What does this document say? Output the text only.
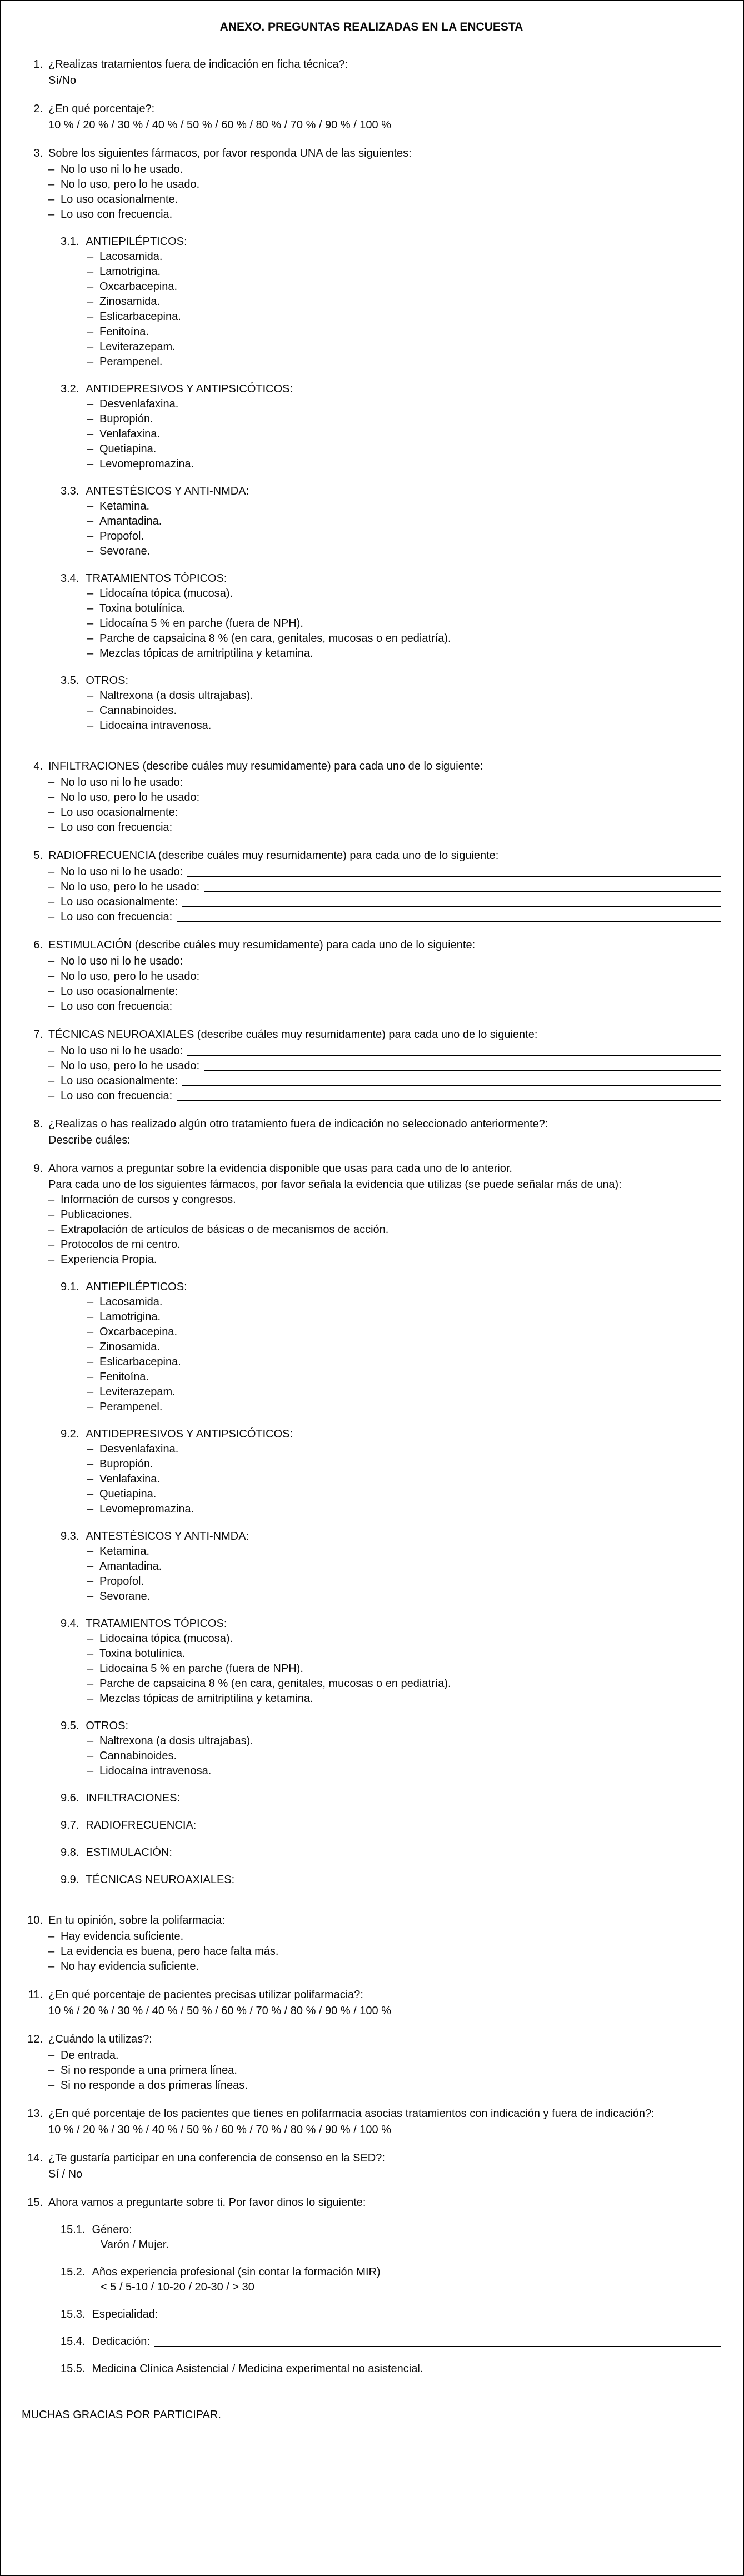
ANEXO. PREGUNTAS REALIZADAS EN LA ENCUESTA
1. ¿Realizas tratamientos fuera de indicación en ficha técnica?:
Sí/No
2. ¿En qué porcentaje?:
10 % / 20 % / 30 % / 40 % / 50 % / 60 % / 80 % / 70 % / 90 % / 100 %
3. Sobre los siguientes fármacos, por favor responda UNA de las siguientes:
– No lo uso ni lo he usado.
– No lo uso, pero lo he usado.
– Lo uso ocasionalmente.
– Lo uso con frecuencia.
3.1. ANTIEPILÉPTICOS:
– Lacosamida.
– Lamotrigina.
– Oxcarbacepina.
– Zinosamida.
– Eslicarbacepina.
– Fenitoína.
– Leviterazepam.
– Perampenel.
3.2. ANTIDEPRESIVOS Y ANTIPSICÓTICOS:
– Desvenlafaxina.
– Bupropión.
– Venlafaxina.
– Quetiapina.
– Levomepromazina.
3.3. ANTESTÉSICOS Y ANTI-NMDA:
– Ketamina.
– Amantadina.
– Propofol.
– Sevorane.
3.4. TRATAMIENTOS TÓPICOS:
– Lidocaína tópica (mucosa).
– Toxina botulínica.
– Lidocaína 5 % en parche (fuera de NPH).
– Parche de capsaicina 8 % (en cara, genitales, mucosas o en pediatría).
– Mezclas tópicas de amitriptilina y ketamina.
3.5. OTROS:
– Naltrexona (a dosis ultrajabas).
– Cannabinoides.
– Lidocaína intravenosa.
4. INFILTRACIONES (describe cuáles muy resumidamente) para cada uno de lo siguiente:
– No lo uso ni lo he usado:
– No lo uso, pero lo he usado:
– Lo uso ocasionalmente:
– Lo uso con frecuencia:
5. RADIOFRECUENCIA (describe cuáles muy resumidamente) para cada uno de lo siguiente:
– No lo uso ni lo he usado:
– No lo uso, pero lo he usado:
– Lo uso ocasionalmente:
– Lo uso con frecuencia:
6. ESTIMULACIÓN (describe cuáles muy resumidamente) para cada uno de lo siguiente:
– No lo uso ni lo he usado:
– No lo uso, pero lo he usado:
– Lo uso ocasionalmente:
– Lo uso con frecuencia:
7. TÉCNICAS NEUROAXIALES (describe cuáles muy resumidamente) para cada uno de lo siguiente:
– No lo uso ni lo he usado:
– No lo uso, pero lo he usado:
– Lo uso ocasionalmente:
– Lo uso con frecuencia:
8. ¿Realizas o has realizado algún otro tratamiento fuera de indicación no seleccionado anteriormente?:
Describe cuáles:
9. Ahora vamos a preguntar sobre la evidencia disponible que usas para cada uno de lo anterior.
Para cada uno de los siguientes fármacos, por favor señala la evidencia que utilizas (se puede señalar más de una):
– Información de cursos y congresos.
– Publicaciones.
– Extrapolación de artículos de básicas o de mecanismos de acción.
– Protocolos de mi centro.
– Experiencia Propia.
9.1. ANTIEPILÉPTICOS:
– Lacosamida.
– Lamotrigina.
– Oxcarbacepina.
– Zinosamida.
– Eslicarbacepina.
– Fenitoína.
– Leviterazepam.
– Perampenel.
9.2. ANTIDEPRESIVOS Y ANTIPSICÓTICOS:
– Desvenlafaxina.
– Bupropión.
– Venlafaxina.
– Quetiapina.
– Levomepromazina.
9.3. ANTESTÉSICOS Y ANTI-NMDA:
– Ketamina.
– Amantadina.
– Propofol.
– Sevorane.
9.4. TRATAMIENTOS TÓPICOS:
– Lidocaína tópica (mucosa).
– Toxina botulínica.
– Lidocaína 5 % en parche (fuera de NPH).
– Parche de capsaicina 8 % (en cara, genitales, mucosas o en pediatría).
– Mezclas tópicas de amitriptilina y ketamina.
9.5. OTROS:
– Naltrexona (a dosis ultrajabas).
– Cannabinoides.
– Lidocaína intravenosa.
9.6. INFILTRACIONES:
9.7. RADIOFRECUENCIA:
9.8. ESTIMULACIÓN:
9.9. TÉCNICAS NEUROAXIALES:
10. En tu opinión, sobre la polifarmacia:
– Hay evidencia suficiente.
– La evidencia es buena, pero hace falta más.
– No hay evidencia suficiente.
11. ¿En qué porcentaje de pacientes precisas utilizar polifarmacia?:
10 % / 20 % / 30 % / 40 % / 50 % / 60 % / 70 % / 80 % / 90 % / 100 %
12. ¿Cuándo la utilizas?:
– De entrada.
– Si no responde a una primera línea.
– Si no responde a dos primeras líneas.
13. ¿En qué porcentaje de los pacientes que tienes en polifarmacia asocias tratamientos con indicación y fuera de indicación?:
10 % / 20 % / 30 % / 40 % / 50 % / 60 % / 70 % / 80 % / 90 % / 100 %
14. ¿Te gustaría participar en una conferencia de consenso en la SED?:
Sí / No
15. Ahora vamos a preguntarte sobre ti. Por favor dinos lo siguiente:
15.1. Género:
Varón / Mujer.
15.2. Años experiencia profesional (sin contar la formación MIR)
< 5 / 5-10 / 10-20 / 20-30 / > 30
15.3. Especialidad:
15.4. Dedicación:
15.5. Medicina Clínica Asistencial / Medicina experimental no asistencial.
MUCHAS GRACIAS POR PARTICIPAR.
